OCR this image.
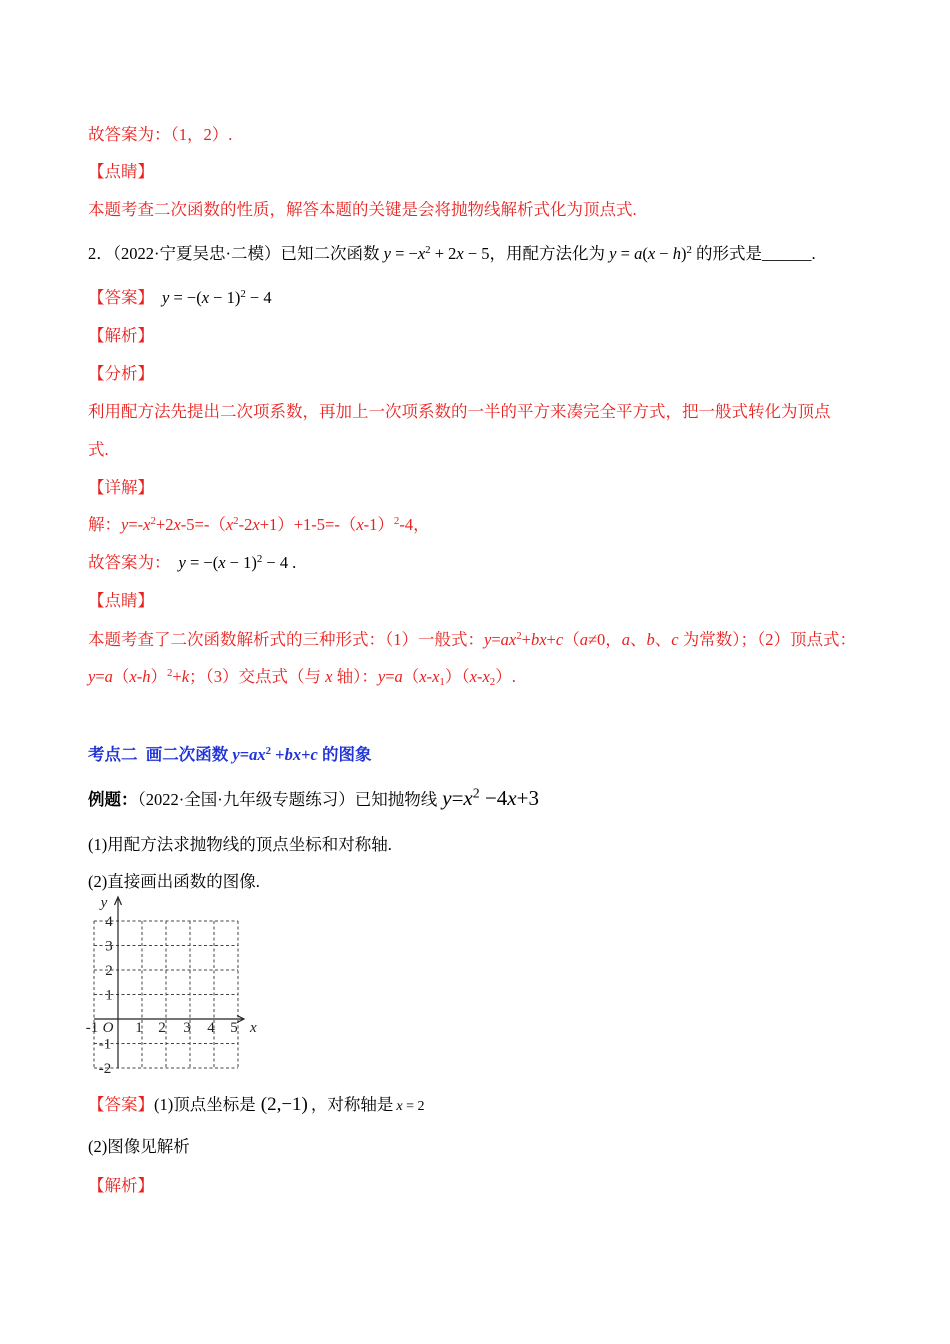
故答案为：（1，2）.
【点睛】
本题考查二次函数的性质，解答本题的关键是会将抛物线解析式化为顶点式.
2．（2022·宁夏吴忠·二模）已知二次函数 $y = -x^2 + 2x - 5$，用配方法化为 $y = a(x - h)^2$ 的形式是______.
【答案】 $y = -(x - 1)^2 - 4$
【解析】
【分析】
利用配方法先提出二次项系数，再加上一次项系数的一半的平方来凑完全平方式，把一般式转化为顶点
式.
【详解】
解：$y=-x^2+2x-5=-(x^2-2x+1)+1-5=-(x-1)^2-4$，
故答案为： $y = -(x - 1)^2 - 4$ .
【点睛】
本题考查了二次函数解析式的三种形式：（1）一般式：$y=ax^2+bx+c(a\ne 0$，a、b、c 为常数）；（2）顶点式：
$y=a(x-h)^2+k$；（3）交点式（与 x 轴）：$y=a(x-x_1)(x-x_2)$.
考点二  画二次函数 $y=ax^2 +bx+c$ 的图象
例题：（2022·全国·九年级专题练习）已知抛物线 $y=x^2 -4x+3$
(1)用配方法求抛物线的顶点坐标和对称轴.
(2)直接画出函数的图像.
y
x
O
-1 1 2 3 4 5
4
3
2
1
-1
-2
【答案】(1)顶点坐标是 (2,−1) ，对称轴是 x = 2
(2)图像见解析
【解析】
